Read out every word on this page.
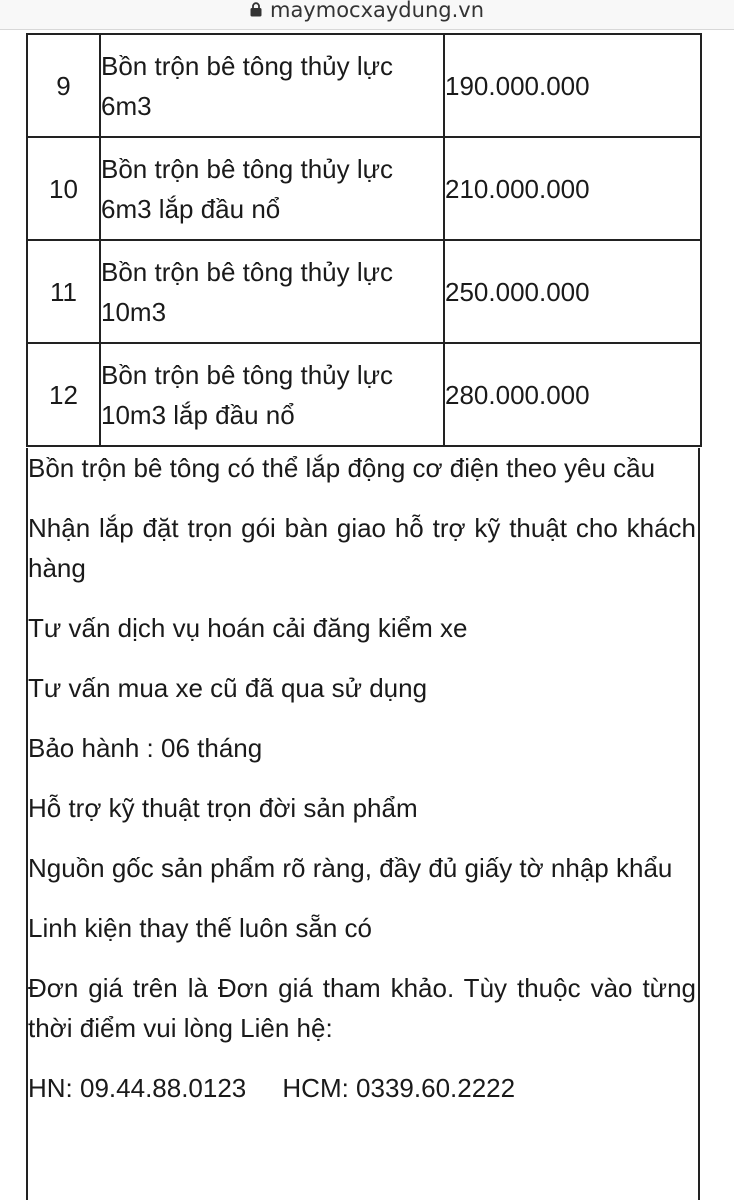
maymocxaydung.vn
9	Bồn trộn bê tông thủy lực 6m3	190.000.000

10	Bồn trộn bê tông thủy lực 6m3 lắp đầu nổ	210.000.000

11	Bồn trộn bê tông thủy lực 10m3	250.000.000

12	Bồn trộn bê tông thủy lực 10m3 lắp đầu nổ	280.000.000

Bồn trộn bê tông có thể lắp động cơ điện theo yêu cầu

Nhận lắp đặt trọn gói bàn giao hỗ trợ kỹ thuật cho khách hàng

Tư vấn dịch vụ hoán cải đăng kiểm xe

Tư vấn mua xe cũ đã qua sử dụng

Bảo hành : 06 tháng

Hỗ trợ kỹ thuật trọn đời sản phẩm

Nguồn gốc sản phẩm rõ ràng, đầy đủ giấy tờ nhập khẩu

Linh kiện thay thế luôn sẵn có

Đơn giá trên là Đơn giá tham khảo. Tùy thuộc vào từng thời điểm vui lòng Liên hệ:

HN: 09.44.88.0123     HCM: 0339.60.2222
